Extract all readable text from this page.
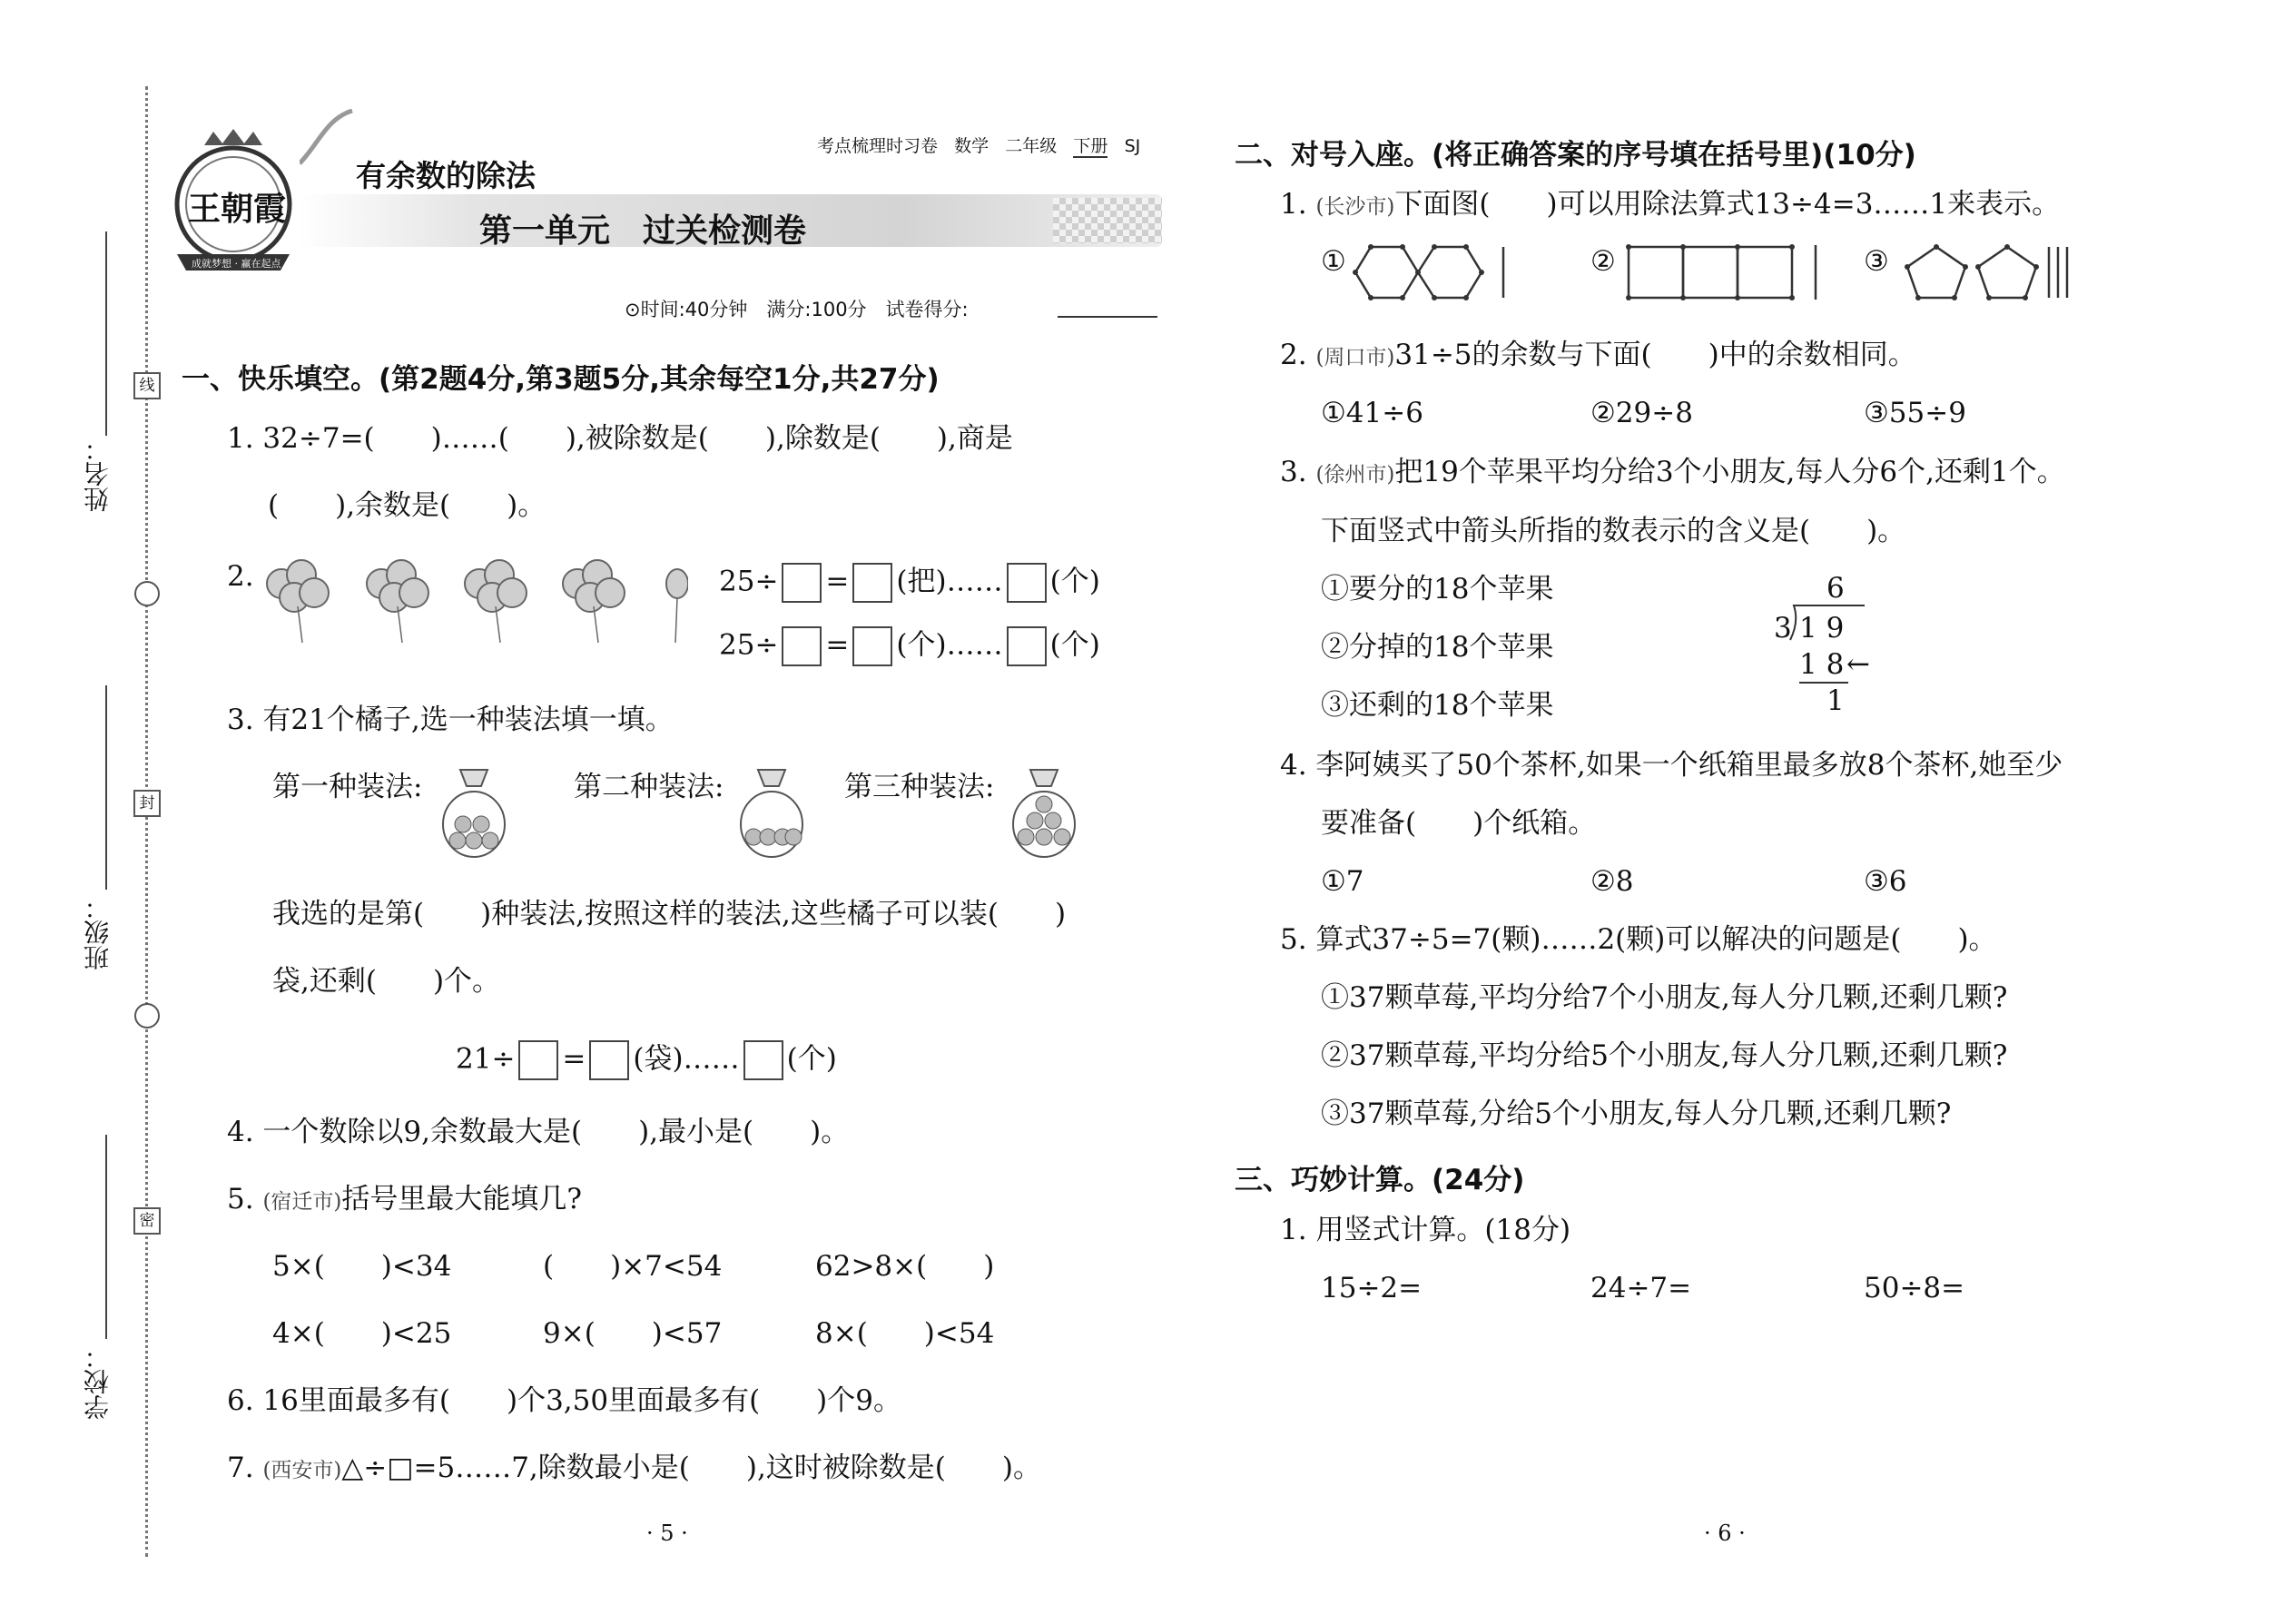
姓名：
班级：
学校：
线
封
密
王朝霞
成就梦想 · 赢在起点
有余数的除法
考点梳理时习卷 数学 二年级 下册 SJ
第一单元　过关检测卷
⊙时间:40分钟　满分:100分　试卷得分:
一、快乐填空。(第2题4分,第3题5分,其余每空1分,共27分)
1. 32÷7=(　　)……(　　),被除数是(　　),除数是(　　),商是
(　　),余数是(　　)。
2.	25÷ = (把)…… (个)
25÷ = (个)…… (个)
3. 有21个橘子,选一种装法填一填。
第一种装法:	第二种装法:	第三种装法:
我选的是第(　　)种装法,按照这样的装法,这些橘子可以装(　　)
袋,还剩(　　)个。
21÷ = (袋)…… (个)
4. 一个数除以9,余数最大是(　　),最小是(　　)。
5. (宿迁市)括号里最大能填几?
5×(　　)<34	(　　)×7<54	62>8×(　　)
4×(　　)<25	9×(　　)<57	8×(　　)<54
6. 16里面最多有(　　)个3,50里面最多有(　　)个9。
7. (西安市)△÷□=5……7,除数最小是(　　),这时被除数是(　　)。
· 5 ·	· 6 ·
二、对号入座。(将正确答案的序号填在括号里)(10分)
1. (长沙市)下面图(　　)可以用除法算式13÷4=3……1来表示。
①	②	③
2. (周口市)31÷5的余数与下面(　　)中的余数相同。
①41÷6	②29÷8	③55÷9
3. (徐州市)把19个苹果平均分给3个小朋友,每人分6个,还剩1个。
下面竖式中箭头所指的数表示的含义是(　　)。
①要分的18个苹果
②分掉的18个苹果
③还剩的18个苹果
6
3 1 9
1 8 ←
1
4. 李阿姨买了50个茶杯,如果一个纸箱里最多放8个茶杯,她至少
要准备(　　)个纸箱。
①7	②8	③6
5. 算式37÷5=7(颗)……2(颗)可以解决的问题是(　　)。
①37颗草莓,平均分给7个小朋友,每人分几颗,还剩几颗?
②37颗草莓,平均分给5个小朋友,每人分几颗,还剩几颗?
③37颗草莓,分给5个小朋友,每人分几颗,还剩几颗?
三、巧妙计算。(24分)
1. 用竖式计算。(18分)
15÷2=	24÷7=	50÷8=
